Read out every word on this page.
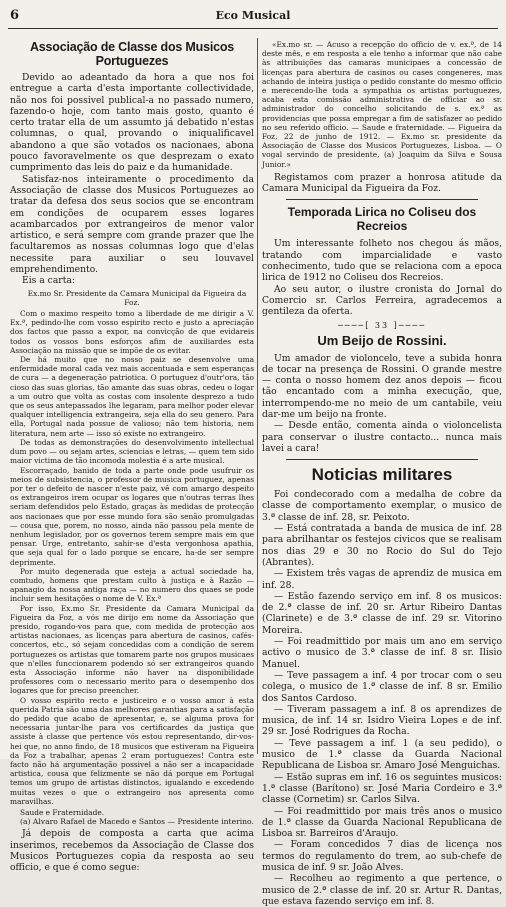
6	Eco Musical
Associação de Classe dos Musicos Portuguezes

Devido ao adeantado da hora a que nos foi entregue a carta d'esta importante collectividade, não nos foi possivel publical-a no passado numero, fazendo-o hoje, com tanto mais gosto, quanto é certo tratar ella de um assumto já debatido n'estas columnas, o qual, provando o iniqualificavel abandono a que são votados os nacionaes, abona pouco favoravelmente os que desprezam o exato cumprimento das leis do paiz e da humanidade.

Satisfaz-nos inteiramente o procedimento da Associação de classe dos Musicos Portuguezes ao tratar da defesa dos seus socios que se encontram em condições de ocuparem esses logares acambarcados por extrangeiros de menor valor artistico, e será sempre com grande prazer que lhe facultaremos as nossas columnas logo que d'elas necessite para auxiliar o seu louvavel emprehendimento.

Eis a carta:

Ex.mo Sr. Presidente da Camara Municipal da Figueira da Foz.

Com o maximo respeito tomo a liberdade de me dirigir a V. Ex.ª, pedindo-lhe com vosso espirito recto e justo a apreciação dos factos que passo a expor, na convicção de que evidareis todos os vossos bons esforços afim de auxiliardes esta Associação na missão que se impõe de os evitar.

De há muito que no nosso paiz se desenvolve uma enfermidade moral cada vez mais accentuada e sem esperanças de cura — a degeneração patriotica. O portuguez d'outr'ora, tão cioso das suas glorias, tão amante das suas obras, cedeu o logar a um outro que volta as costas com insolente desprezo a tudo que os seus antepassados lhe legaram, para melhor poder elevar qualquer intelligencia extrangeira, seja ella do seu genero. Para ella, Portugal nada possue de valioso; não tem historia, nem literatura, nem arte — isso só existe no extrangeiro.

De todas as demonstrações do desenvolvimento intellectual dum povo — ou sejam artes, sciencias e letras, — quem tem sido maior victima de tão incomoda molestia é a arte musical.

Escorraçado, banido de toda a parte onde pode usufruir os meios de subsistencia, o professor de musica portuguez, apenas por ter o defeito de nascer n'este paiz, vê com amargo despeito os extrangeiros irem ocupar os logares que n'outras terras lhes seriam defendidos pelo Estado, graças às medidas de protecção aos nacionaes que por esse mundo fora são senão promulgadas — cousa que, porem, no nosso, ainda não passou pela mente de nenhum legislador, por os governos terem sempre mais em que pensar. Urge, entretanto, sahir-se d'esta vergonhosa apathia, que seja qual for o lado porque se encare, ha-de ser sempre deprimente.

Por muito degenerada que esteja a actual sociedade ha, comtudo, homens que prestam culto à justiça e à Razão — apanagio da nossa antiga raça — no numero dos quaes se pode incluir sem hesitações o nome de V. Ex.ª

Por isso, Ex.mo Sr. Presidente da Camara Municipal da Figueira da Foz, a vós me dirijo em nome da Associação que presido, rogando-vos para que, com medida de protecção aos artistas nacionaes, as licenças para abertura de casinos, cafés-concertos, etc., só sejam concedidas com a condição de serem portuguezes os artistas que tomarem parte nos grupos musicaes que n'elles funccionarem podendo só ser extrangeiros quando esta Associação informe não haver na disponibilidade professores com o necessario merito para o desempenho dos logares que for preciso preencher.

O vosso espirito recto e justiceiro e o vosso amor à esta querida Patria são uma das melhores garantias para a satisfação do pedido que acabo de apresentar, e, se alguma prova for necessaria juntar-lhe para vos certificardes da justiça que assiste à classe que pertence vós estou representando, dir-vos-hei que, no anno findo, de 18 musicos que estiveram na Figueira da Foz a trabalhar, apenas 2 eram portuguezes! Contra este facto não há argumentação possivel a não ser a incapacidade artistica, cousa que felizmente se não dá porque em Portugal temos um grupo de artistas distinctos, igualando e excedendo muitas vezes o que o extrangeiro nos apresenta como maravilhas.

Saude e Fraternidade.

(a) Alvaro Rafael de Macedo e Santos — Presidente interino.

Já depois de composta a carta que acima inserimos, recebemos da Associação de Classe dos Musicos Portuguezes copia da resposta ao seu officio, e que é como segue:

«Ex.mo sr. — Acuso a recepção do officio de v. ex.ª, de 14 deste mês, e em resposta a ele tenho a informar que não cabe às attribuições das camaras municipaes a concessão de licenças para abertura de casinos ou cases congeneres, mas achando de inteira justiça o pedido constante do mesmo officio e merecendo-lhe toda a sympathia os artistas portuguezes, acaba esta comissão administrativa de officiar ao sr. administrador do concelho solicitando de s. ex.ª as providencias que possa empregar a fim de satisfazer ao pedido no seu referido officio. — Saude e fraternidade. — Figueira da Foz, 22 de junho de 1912. — Ex.mo sr. presidente da Associação de Classe dos Musicos Portuguezes, Lisboa. — O vogal servindo de presidente, (a) Joaquim da Silva e Sousa Junior.»

Registamos com prazer a honrosa atitude da Camara Municipal da Figueira da Foz.

Temporada Lirica no Coliseu dos Recreios

Um interessante folheto nos chegou ás mãos, tratando com imparcialidade e vasto conhecimento, tudo que se relaciona com a epoca lirica de 1912 no Coliseu dos Recreios.

Ao seu autor, o ilustre cronista do Jornal do Comercio sr. Carlos Ferreira, agradecemos a gentileza da oferta.

────[ 33 ]────
Um Beijo de Rossini.

Um amador de violoncelo, teve a subida honra de tocar na presença de Rossini. O grande mestre — conta o nosso homem dez anos depois — ficou tão encantado com a minha execução, que, interrompendo-me no meio de um cantabile, veiu dar-me um beijo na fronte.

— Desde então, comenta ainda o violoncelista para conservar o ilustre contacto... nunca mais lavei a cara!

Noticias militares

Foi condecorado com a medalha de cobre da classe de comportamento exemplar, o musico de 3.ª classe de inf. 28, sr. Peixoto.

— Está contratada a banda de musica de inf. 28 para abrilhantar os festejos civicos que se realisam nos dias 29 e 30 no Rocio do Sul do Tejo (Abrantes).

— Existem três vagas de aprendiz de musica em inf. 28.

— Estão fazendo serviço em inf. 8 os musicos: de 2.ª classe de inf. 20 sr. Artur Ribeiro Dantas (Clarinete) e de 3.ª classe de inf. 29 sr. Vitorino Moreira.

— Foi readmittido por mais um ano em serviço activo o musico de 3.ª classe de inf. 8 sr. Ilisio Manuel.

— Teve passagem a inf. 4 por trocar com o seu colega, o musico de 1.ª classe de inf. 8 sr. Emilio dos Santos Cardoso.

— Tiveram passagem a inf. 8 os aprendizes de musica, de inf. 14 sr. Isidro Vieira Lopes e de inf. 29 sr. José Rodrigues da Rocha.

— Teve passagem a inf. 1 (a seu pedido), o musico de 1.ª classe da Guarda Nacional Republicana de Lisboa sr. Amaro José Menguichas.

— Estão supras em inf. 16 os seguintes musicos: 1.ª classe (Barítono) sr. José Maria Cordeiro e 3.ª classe (Cornetim) sr. Carlos Silva.

— Foi readmittido por mais três anos o musico de 1.ª classe da Guarda Nacional Republicana de Lisboa sr. Barreiros d'Araujo.

— Foram concedidos 7 dias de licença nos termos do regulamento do trem, ao sub-chefe de musica de inf. 9 sr. João Alves.

— Recolheu ao regimento a que pertence, o musico de 2.ª classe de inf. 20 sr. Artur R. Dantas, que estava fazendo serviço em inf. 8.
